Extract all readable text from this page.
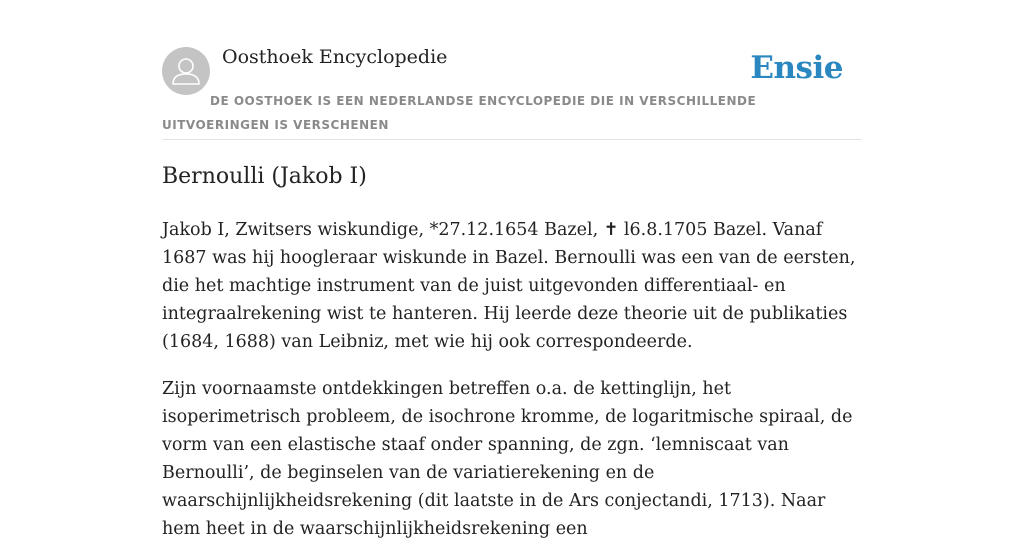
Oosthoek Encyclopedie	Ensie
DE OOSTHOEK IS EEN NEDERLANDSE ENCYCLOPEDIE DIE IN VERSCHILLENDE UITVOERINGEN IS VERSCHENEN
Bernoulli (Jakob I)

Jakob I, Zwitsers wiskundige, *27.12.1654 Bazel, ✝ l6.8.1705 Bazel. Vanaf 1687 was hij hoogleraar wiskunde in Bazel. Bernoulli was een van de eersten, die het machtige instrument van de juist uitgevonden differentiaal- en integraalrekening wist te hanteren. Hij leerde deze theorie uit de publikaties (1684, 1688) van Leibniz, met wie hij ook correspondeerde.

Zijn voornaamste ontdekkingen betreffen o.a. de kettinglijn, het isoperimetrisch probleem, de isochrone kromme, de logaritmische spiraal, de vorm van een elastische staaf onder spanning, de zgn. ‘lemniscaat van Bernoulli’, de beginselen van de variatierekening en de waarschijnlijkheidsrekening (dit laatste in de Ars conjectandi, 1713). Naar hem heet in de waarschijnlijkheidsrekening een
